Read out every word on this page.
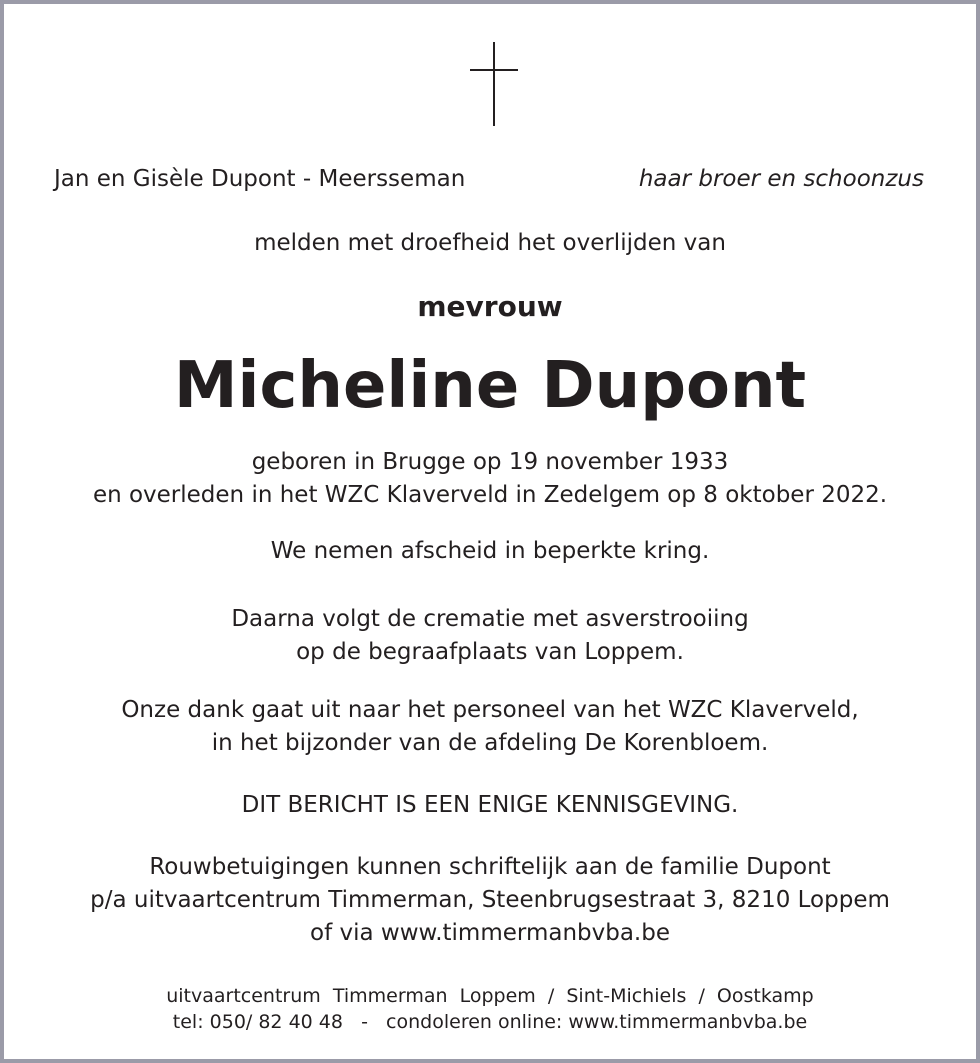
Jan en Gisèle Dupont - Meersseman	haar broer en schoonzus
melden met droefheid het overlijden van
mevrouw
Micheline Dupont
geboren in Brugge op 19 november 1933
en overleden in het WZC Klaverveld in Zedelgem op 8 oktober 2022.
We nemen afscheid in beperkte kring.
Daarna volgt de crematie met asverstrooiing
op de begraafplaats van Loppem.
Onze dank gaat uit naar het personeel van het WZC Klaverveld,
in het bijzonder van de afdeling De Korenbloem.
DIT BERICHT IS EEN ENIGE KENNISGEVING.
Rouwbetuigingen kunnen schriftelijk aan de familie Dupont
p/a uitvaartcentrum Timmerman, Steenbrugsestraat 3, 8210 Loppem
of via www.timmermanbvba.be
uitvaartcentrum  Timmerman  Loppem  /  Sint-Michiels  /  Oostkamp
tel: 050/ 82 40 48   -   condoleren online: www.timmermanbvba.be
